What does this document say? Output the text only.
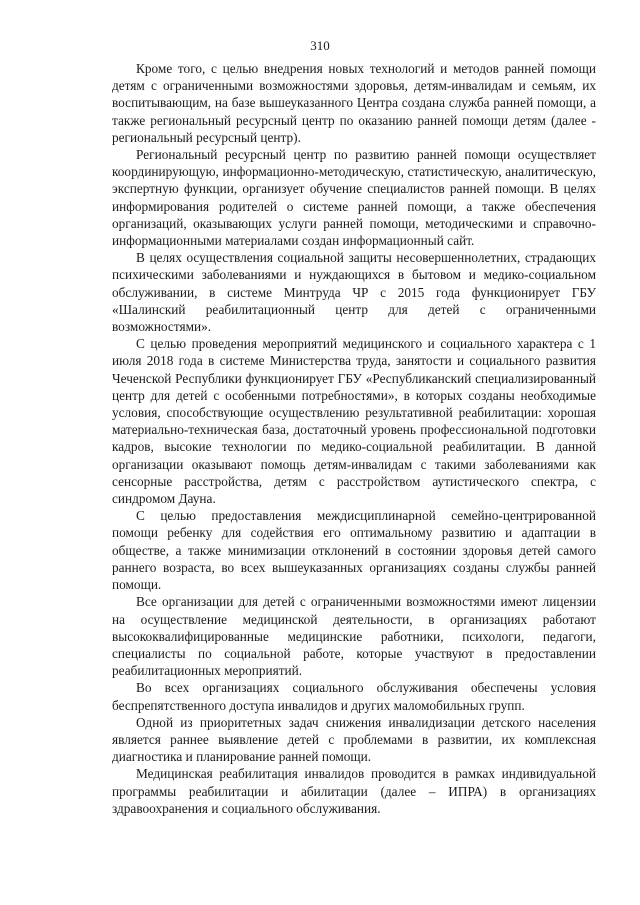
310

Кроме того, с целью внедрения новых технологий и методов ранней помощи детям с ограниченными возможностями здоровья, детям-инвалидам и семьям, их воспитывающим, на базе вышеуказанного Центра создана служба ранней помощи, а также региональный ресурсный центр по оказанию ранней помощи детям (далее - региональный ресурсный центр).

Региональный ресурсный центр по развитию ранней помощи осуществляет координирующую, информационно-методическую, статистическую, аналитическую, экспертную функции, организует обучение специалистов ранней помощи. В целях информирования родителей о системе ранней помощи, а также обеспечения организаций, оказывающих услуги ранней помощи, методическими и справочно-информационными материалами создан информационный сайт.

В целях осуществления социальной защиты несовершеннолетних, страдающих психическими заболеваниями и нуждающихся в бытовом и медико-социальном обслуживании, в системе Минтруда ЧР с 2015 года функционирует ГБУ «Шалинский реабилитационный центр для детей с ограниченными возможностями».

С целью проведения мероприятий медицинского и социального характера с 1 июля 2018 года в системе Министерства труда, занятости и социального развития Чеченской Республики функционирует ГБУ «Республиканский специализированный центр для детей с особенными потребностями», в которых созданы необходимые условия, способствующие осуществлению результативной реабилитации: хорошая материально-техническая база, достаточный уровень профессиональной подготовки кадров, высокие технологии по медико-социальной реабилитации. В данной организации оказывают помощь детям-инвалидам с такими заболеваниями как сенсорные расстройства, детям с расстройством аутистического спектра, с синдромом Дауна.

С целью предоставления междисциплинарной семейно-центрированной помощи ребенку для содействия его оптимальному развитию и адаптации в обществе, а также минимизации отклонений в состоянии здоровья детей самого раннего возраста, во всех вышеуказанных организациях созданы службы ранней помощи.

Все организации для детей с ограниченными возможностями имеют лицензии на осуществление медицинской деятельности, в организациях работают высококвалифицированные медицинские работники, психологи, педагоги, специалисты по социальной работе, которые участвуют в предоставлении реабилитационных мероприятий.

Во всех организациях социального обслуживания обеспечены условия беспрепятственного доступа инвалидов и других маломобильных групп.

Одной из приоритетных задач снижения инвалидизации детского населения является раннее выявление детей с проблемами в развитии, их комплексная диагностика и планирование ранней помощи.

Медицинская реабилитация инвалидов проводится в рамках индивидуальной программы реабилитации и абилитации (далее – ИПРА) в организациях здравоохранения и социального обслуживания.
